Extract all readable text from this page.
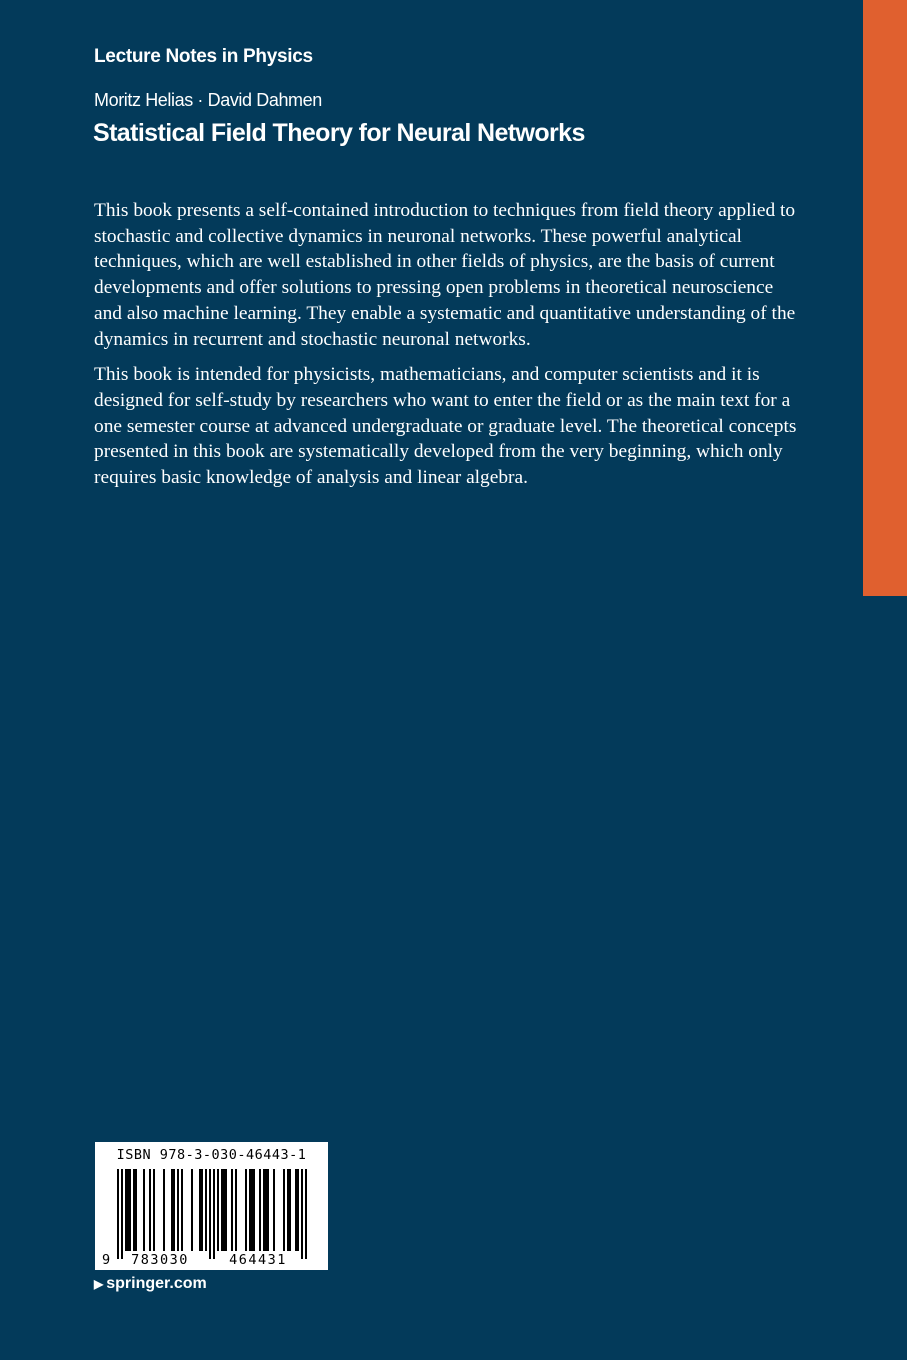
Lecture Notes in Physics
Moritz Helias · David Dahmen
Statistical Field Theory for Neural Networks

This book presents a self-contained introduction to techniques from field theory applied to stochastic and collective dynamics in neuronal networks. These powerful analytical techniques, which are well established in other fields of physics, are the basis of current developments and offer solutions to pressing open problems in theoretical neuroscience and also machine learning. They enable a systematic and quantitative understanding of the dynamics in recurrent and stochastic neuronal networks.

This book is intended for physicists, mathematicians, and computer scientists and it is designed for self-study by researchers who want to enter the field or as the main text for a one semester course at advanced undergraduate or graduate level. The theoretical concepts presented in this book are systematically developed from the very beginning, which only requires basic knowledge of analysis and linear algebra.

ISBN 978-3-030-46443-1
9 783030	464431
▶ springer.com
